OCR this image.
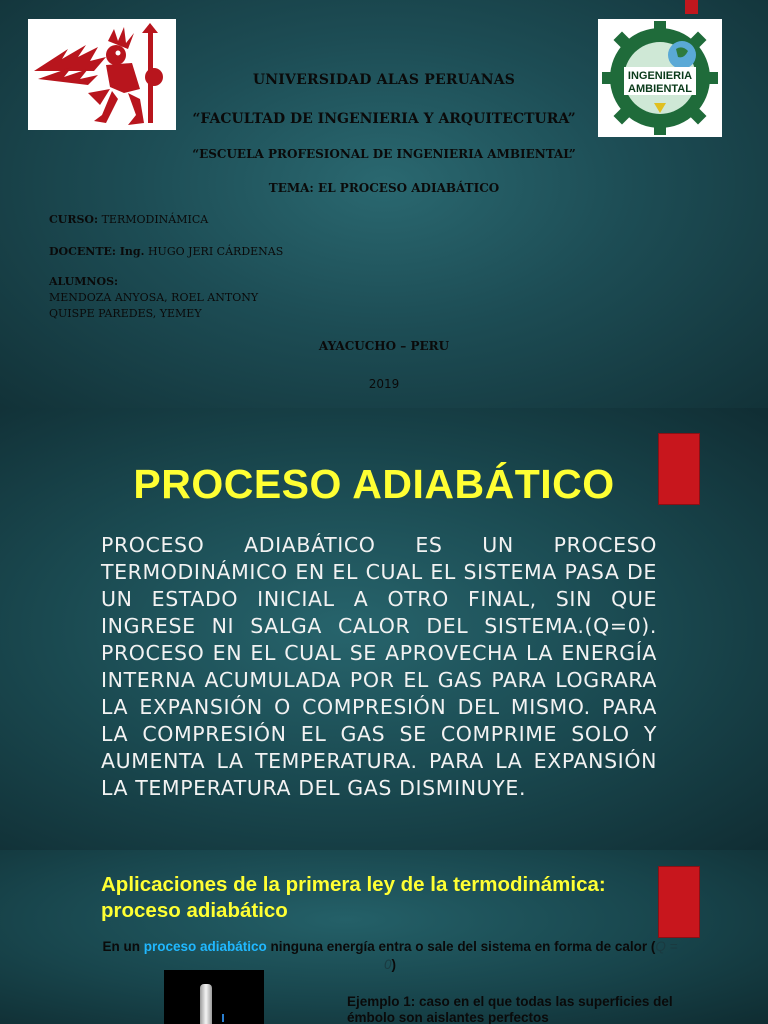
INGENIERIA
AMBIENTAL
UNIVERSIDAD ALAS PERUANAS
“FACULTAD DE INGENIERIA Y ARQUITECTURA”
“ESCUELA PROFESIONAL DE INGENIERIA AMBIENTAL”
TEMA: EL PROCESO ADIABÁTICO
CURSO: TERMODINÁMICA
DOCENTE: Ing. HUGO JERI CÁRDENAS
ALUMNOS:
MENDOZA ANYOSA, ROEL ANTONY
QUISPE PAREDES, YEMEY
AYACUCHO – PERU
2019
PROCESO ADIABÁTICO
PROCESO ADIABÁTICO ES UN PROCESO TERMODINÁMICO EN EL CUAL EL SISTEMA PASA DE UN ESTADO INICIAL A OTRO FINAL, SIN QUE INGRESE NI SALGA CALOR DEL SISTEMA.(Q=0). PROCESO EN EL CUAL SE APROVECHA LA ENERGÍA INTERNA ACUMULADA POR EL GAS PARA LOGRARA LA EXPANSIÓN O COMPRESIÓN DEL MISMO. PARA LA COMPRESIÓN EL GAS SE COMPRIME SOLO Y AUMENTA LA TEMPERATURA. PARA LA EXPANSIÓN LA TEMPERATURA DEL GAS DISMINUYE.
Aplicaciones de la primera ley de la termodinámica: proceso adiabático
En un proceso adiabático ninguna energía entra o sale del sistema en forma de calor (Q = 0)
Ejemplo 1: caso en el que todas las superficies del émbolo son aislantes perfectos
